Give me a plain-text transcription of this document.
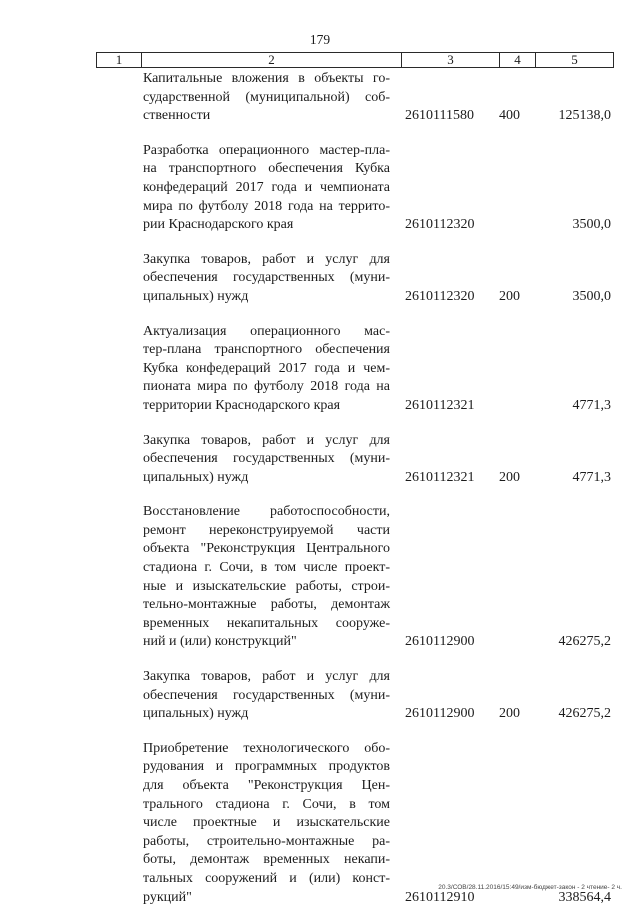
179
1	2	3	4	5
Капитальные вложения в объекты го-
сударственной (муниципальной) соб-
ственности	2610111580 400	125138,0
Разработка операционного мастер-пла-
на транспортного обеспечения Кубка
конфедераций 2017 года и чемпионата
мира по футболу 2018 года на террито-
рии Краснодарского края	2610112320	3500,0
Закупка товаров, работ и услуг для
обеспечения государственных (муни-
ципальных) нужд	2610112320 200	3500,0
Актуализация операционного мас-
тер-плана транспортного обеспечения
Кубка конфедераций 2017 года и чем-
пионата мира по футболу 2018 года на
территории Краснодарского края	2610112321	4771,3
Закупка товаров, работ и услуг для
обеспечения государственных (муни-
ципальных) нужд	2610112321 200	4771,3
Восстановление работоспособности,
ремонт нереконструируемой части
объекта "Реконструкция Центрального
стадиона г. Сочи, в том числе проект-
ные и изыскательские работы, строи-
тельно-монтажные работы, демонтаж
временных некапитальных сооруже-
ний и (или) конструкций"	2610112900	426275,2
Закупка товаров, работ и услуг для
обеспечения государственных (муни-
ципальных) нужд	2610112900 200	426275,2
Приобретение технологического обо-
рудования и программных продуктов
для объекта "Реконструкция Цен-
трального стадиона г. Сочи, в том
числе проектные и изыскательские
работы, строительно-монтажные ра-
боты, демонтаж временных некапи-
тальных сооружений и (или) конст-
рукций"	2610112910	338564,4
20.3/СОВ/28.11.2016/15:49/изм-бюджет-закон - 2 чтение- 2 ч.
